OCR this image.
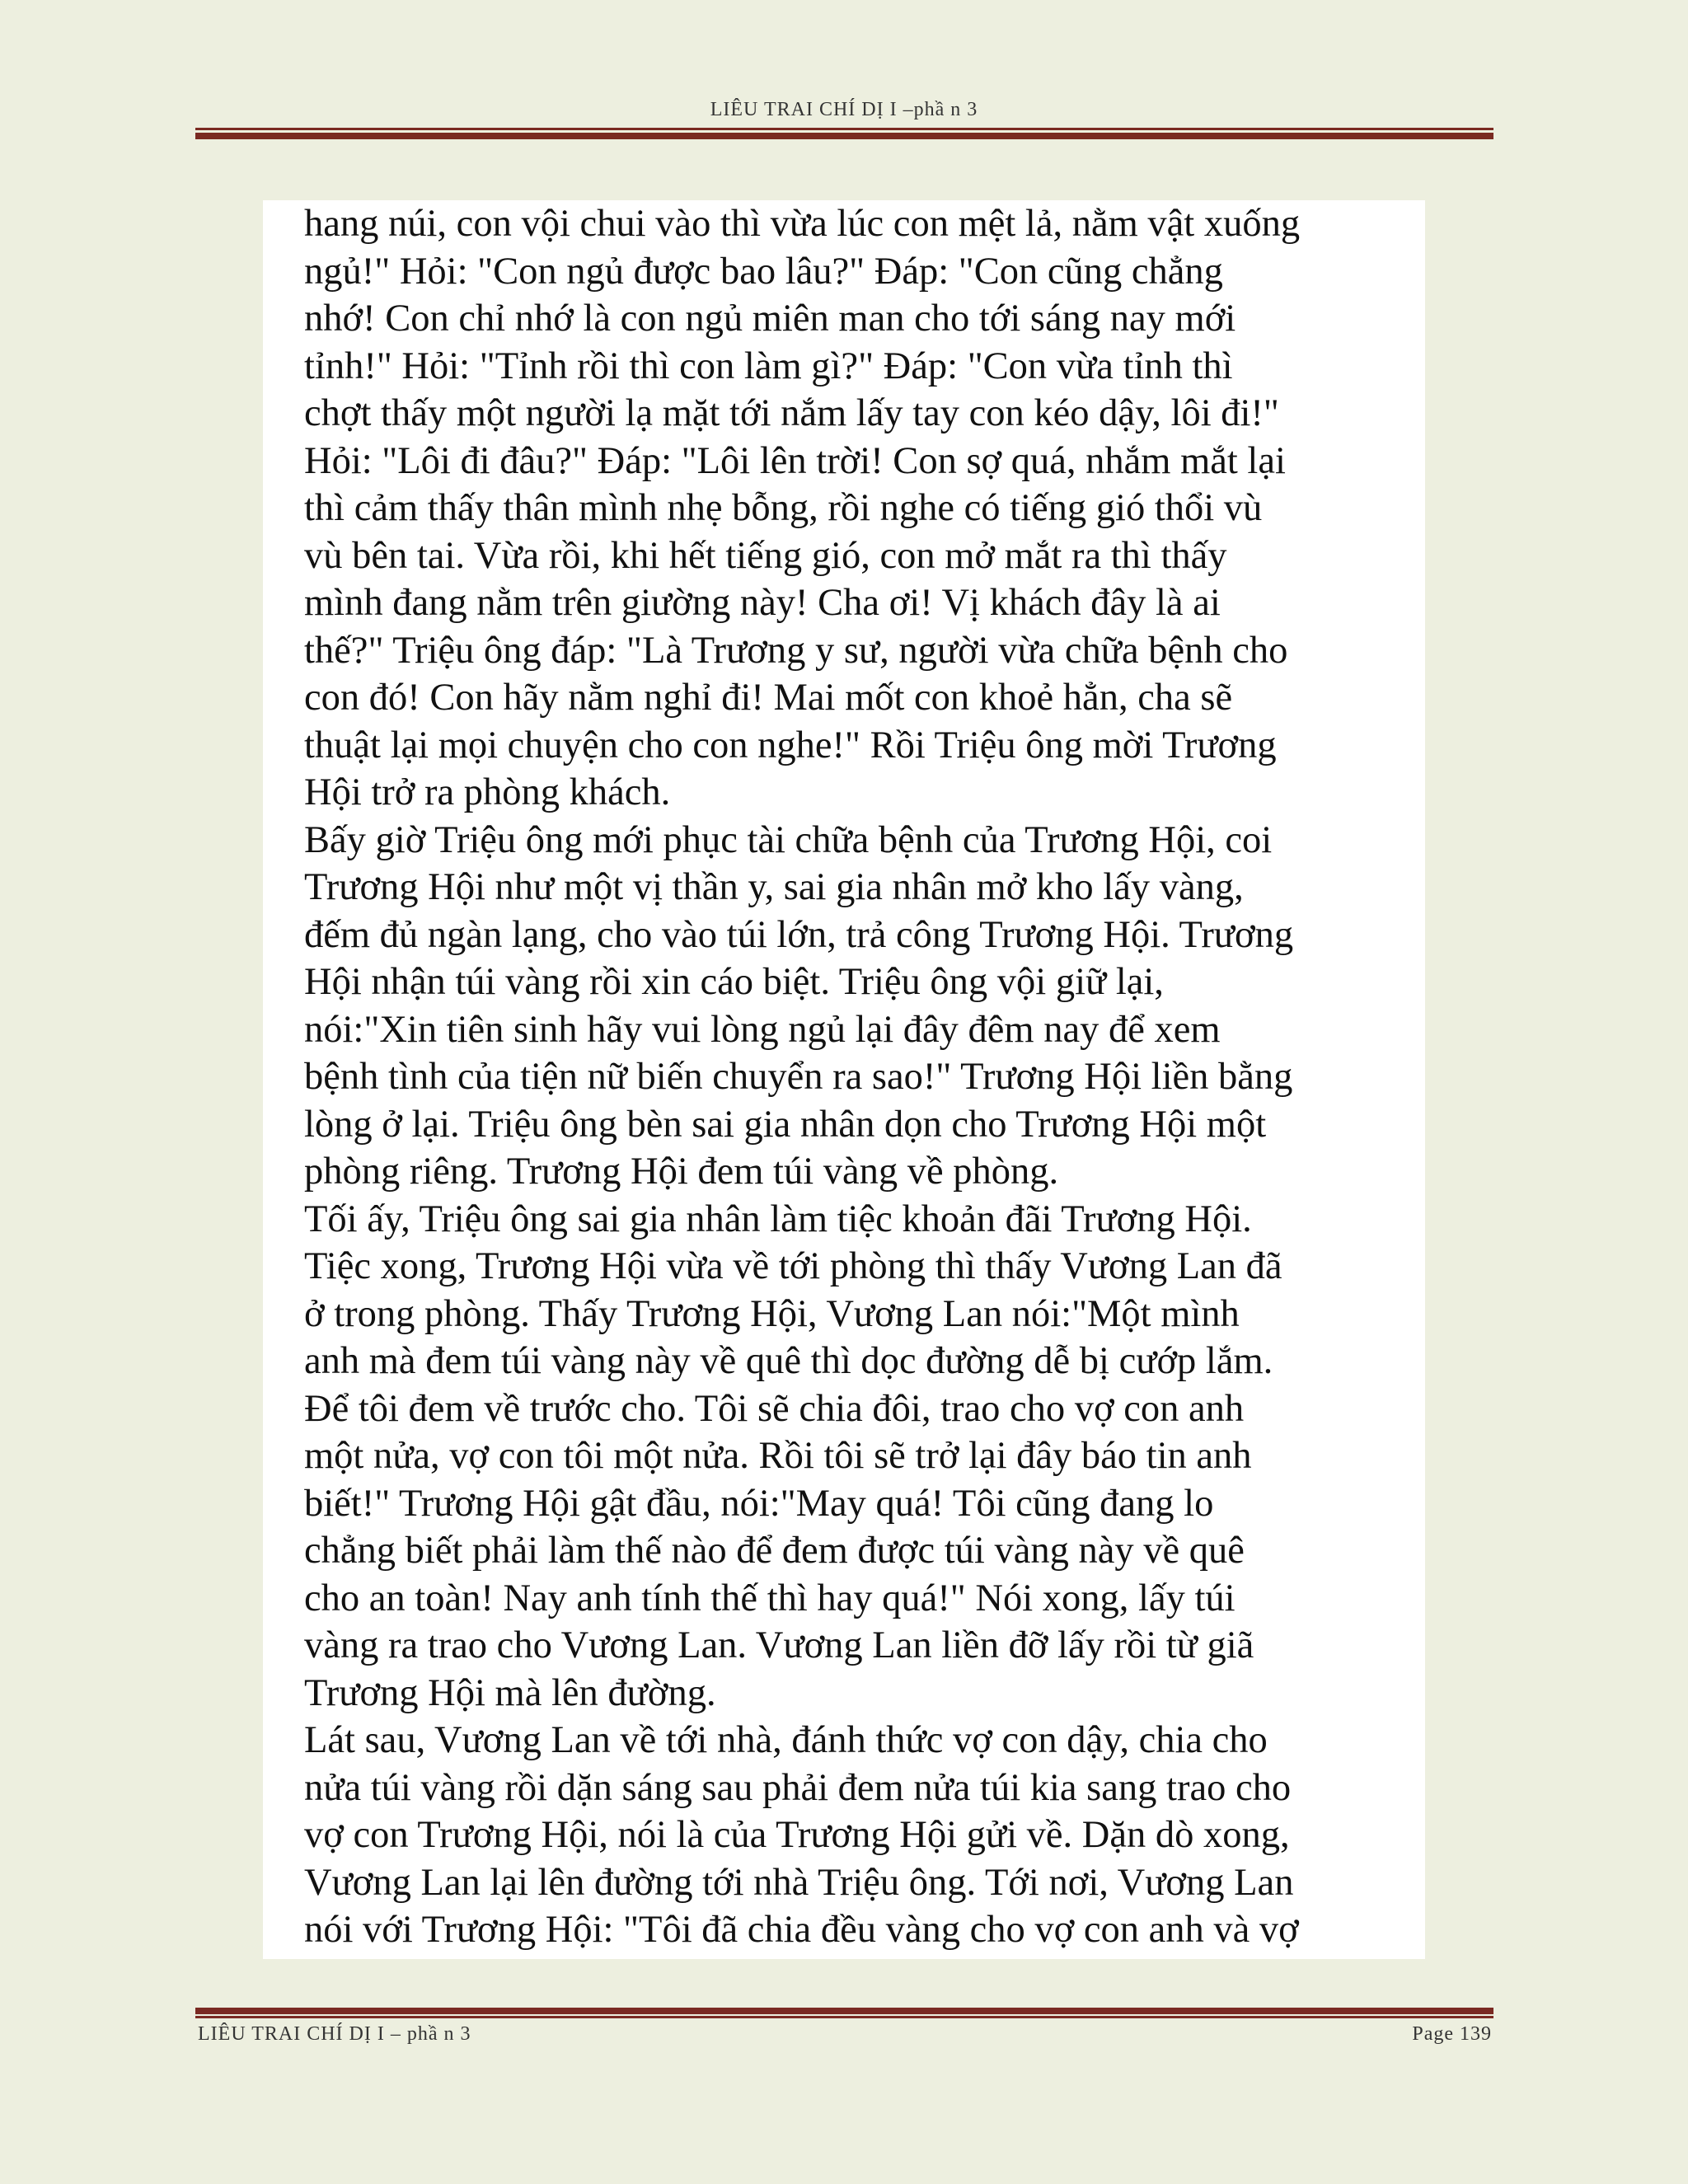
LIÊU TRAI CHÍ DỊ I –phầ n 3

hang núi, con vội chui vào thì vừa lúc con mệt lả, nằm vật xuống
ngủ!" Hỏi: "Con ngủ được bao lâu?" Đáp: "Con cũng chẳng
nhớ! Con chỉ nhớ là con ngủ miên man cho tới sáng nay mới
tỉnh!" Hỏi: "Tỉnh rồi thì con làm gì?" Đáp: "Con vừa tỉnh thì
chợt thấy một người lạ mặt tới nắm lấy tay con kéo dậy, lôi đi!"
Hỏi: "Lôi đi đâu?" Đáp: "Lôi lên trời! Con sợ quá, nhắm mắt lại
thì cảm thấy thân mình nhẹ bỗng, rồi nghe có tiếng gió thổi vù
vù bên tai. Vừa rồi, khi hết tiếng gió, con mở mắt ra thì thấy
mình đang nằm trên giường này! Cha ơi! Vị khách đây là ai
thế?" Triệu ông đáp: "Là Trương y sư, người vừa chữa bệnh cho
con đó! Con hãy nằm nghỉ đi! Mai mốt con khoẻ hẳn, cha sẽ
thuật lại mọi chuyện cho con nghe!" Rồi Triệu ông mời Trương
Hội trở ra phòng khách.
Bấy giờ Triệu ông mới phục tài chữa bệnh của Trương Hội, coi
Trương Hội như một vị thần y, sai gia nhân mở kho lấy vàng,
đếm đủ ngàn lạng, cho vào túi lớn, trả công Trương Hội. Trương
Hội nhận túi vàng rồi xin cáo biệt. Triệu ông vội giữ lại,
nói:"Xin tiên sinh hãy vui lòng ngủ lại đây đêm nay để xem
bệnh tình của tiện nữ biến chuyển ra sao!" Trương Hội liền bằng
lòng ở lại. Triệu ông bèn sai gia nhân dọn cho Trương Hội một
phòng riêng. Trương Hội đem túi vàng về phòng.
Tối ấy, Triệu ông sai gia nhân làm tiệc khoản đãi Trương Hội.
Tiệc xong, Trương Hội vừa về tới phòng thì thấy Vương Lan đã
ở trong phòng. Thấy Trương Hội, Vương Lan nói:"Một mình
anh mà đem túi vàng này về quê thì dọc đường dễ bị cướp lắm.
Để tôi đem về trước cho. Tôi sẽ chia đôi, trao cho vợ con anh
một nửa, vợ con tôi một nửa. Rồi tôi sẽ trở lại đây báo tin anh
biết!" Trương Hội gật đầu, nói:"May quá! Tôi cũng đang lo
chẳng biết phải làm thế nào để đem được túi vàng này về quê
cho an toàn! Nay anh tính thế thì hay quá!" Nói xong, lấy túi
vàng ra trao cho Vương Lan. Vương Lan liền đỡ lấy rồi từ giã
Trương Hội mà lên đường.
Lát sau, Vương Lan về tới nhà, đánh thức vợ con dậy, chia cho
nửa túi vàng rồi dặn sáng sau phải đem nửa túi kia sang trao cho
vợ con Trương Hội, nói là của Trương Hội gửi về. Dặn dò xong,
Vương Lan lại lên đường tới nhà Triệu ông. Tới nơi, Vương Lan
nói với Trương Hội: "Tôi đã chia đều vàng cho vợ con anh và vợ

LIÊU TRAI CHÍ DỊ I – phầ n 3	Page 139
